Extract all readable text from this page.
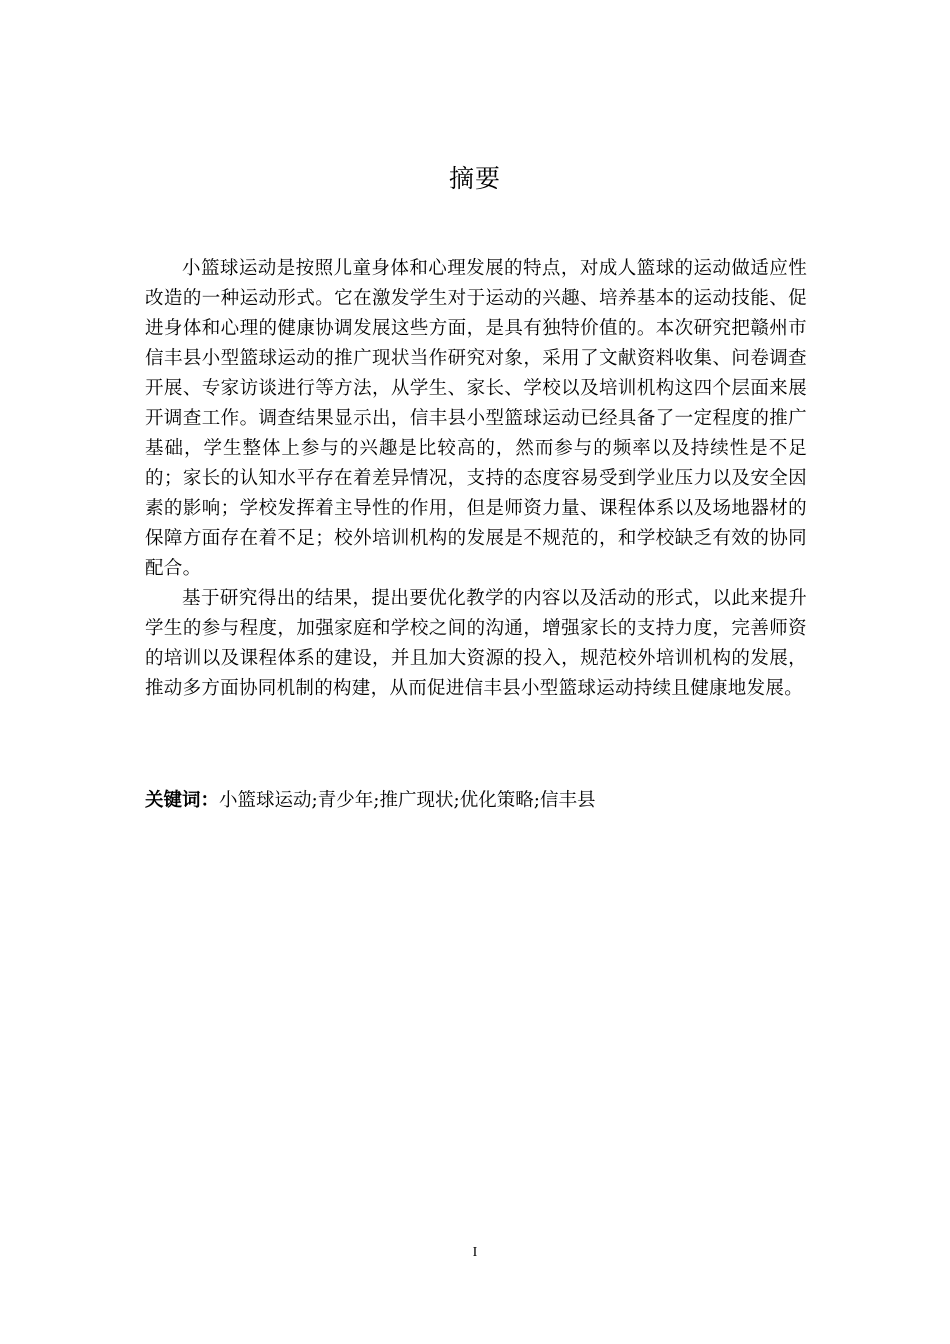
摘要

小篮球运动是按照儿童身体和心理发展的特点，对成人篮球的运动做适应性改造的一种运动形式。它在激发学生对于运动的兴趣、培养基本的运动技能、促进身体和心理的健康协调发展这些方面，是具有独特价值的。本次研究把赣州市信丰县小型篮球运动的推广现状当作研究对象，采用了文献资料收集、问卷调查开展、专家访谈进行等方法，从学生、家长、学校以及培训机构这四个层面来展开调查工作。调查结果显示出，信丰县小型篮球运动已经具备了一定程度的推广基础，学生整体上参与的兴趣是比较高的，然而参与的频率以及持续性是不足的；家长的认知水平存在着差异情况，支持的态度容易受到学业压力以及安全因素的影响；学校发挥着主导性的作用，但是师资力量、课程体系以及场地器材的保障方面存在着不足；校外培训机构的发展是不规范的，和学校缺乏有效的协同配合。

基于研究得出的结果，提出要优化教学的内容以及活动的形式，以此来提升学生的参与程度，加强家庭和学校之间的沟通，增强家长的支持力度，完善师资的培训以及课程体系的建设，并且加大资源的投入，规范校外培训机构的发展，推动多方面协同机制的构建，从而促进信丰县小型篮球运动持续且健康地发展。

关键词：小篮球运动;青少年;推广现状;优化策略;信丰县
I
